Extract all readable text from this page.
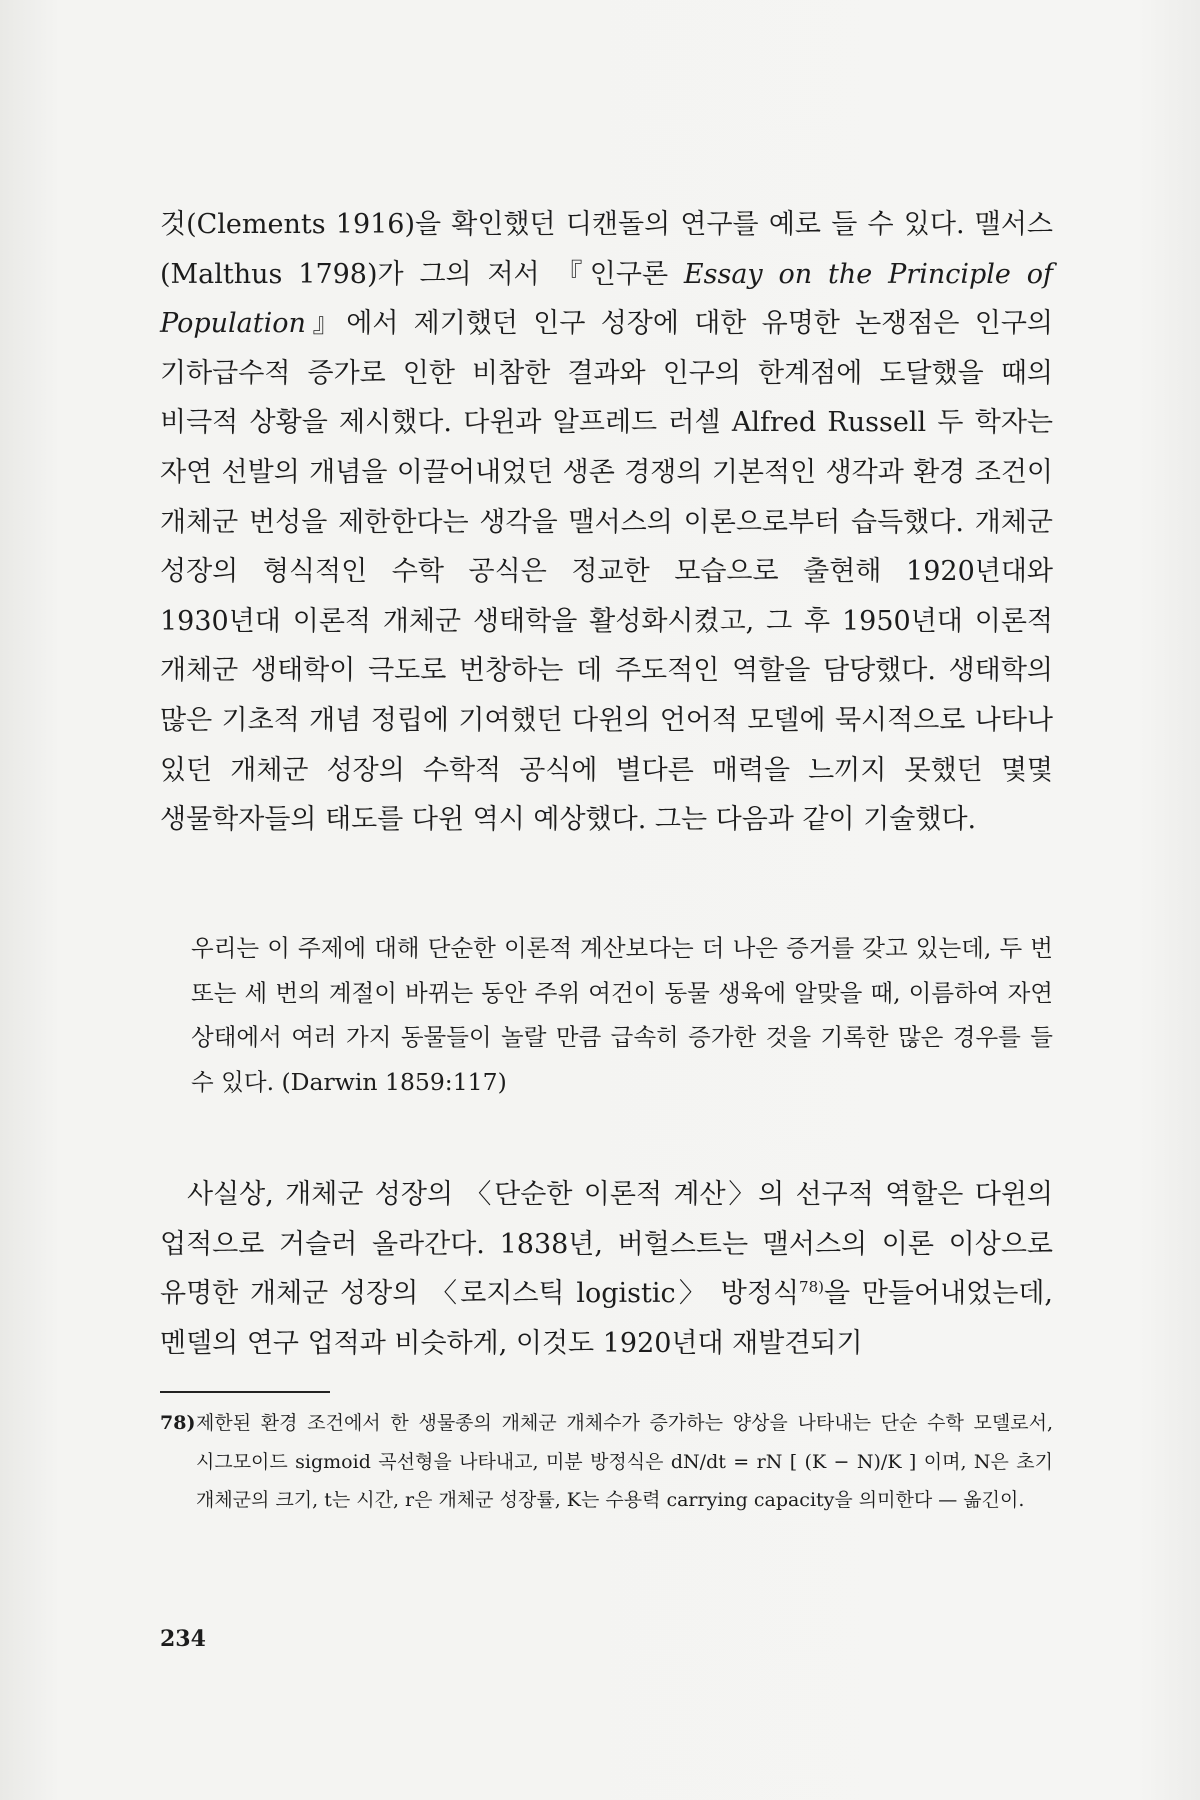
것(Clements 1916)을 확인했던 디캔돌의 연구를 예로 들 수 있다. 맬서스(Malthus 1798)가 그의 저서 『인구론 Essay on the Principle of Population』에서 제기했던 인구 성장에 대한 유명한 논쟁점은 인구의 기하급수적 증가로 인한 비참한 결과와 인구의 한계점에 도달했을 때의 비극적 상황을 제시했다. 다윈과 알프레드 러셀 Alfred Russell 두 학자는 자연 선발의 개념을 이끌어내었던 생존 경쟁의 기본적인 생각과 환경 조건이 개체군 번성을 제한한다는 생각을 맬서스의 이론으로부터 습득했다. 개체군 성장의 형식적인 수학 공식은 정교한 모습으로 출현해 1920년대와 1930년대 이론적 개체군 생태학을 활성화시켰고, 그 후 1950년대 이론적 개체군 생태학이 극도로 번창하는 데 주도적인 역할을 담당했다. 생태학의 많은 기초적 개념 정립에 기여했던 다윈의 언어적 모델에 묵시적으로 나타나 있던 개체군 성장의 수학적 공식에 별다른 매력을 느끼지 못했던 몇몇 생물학자들의 태도를 다윈 역시 예상했다. 그는 다음과 같이 기술했다.

우리는 이 주제에 대해 단순한 이론적 계산보다는 더 나은 증거를 갖고 있는데, 두 번 또는 세 번의 계절이 바뀌는 동안 주위 여건이 동물 생육에 알맞을 때, 이름하여 자연 상태에서 여러 가지 동물들이 놀랄 만큼 급속히 증가한 것을 기록한 많은 경우를 들 수 있다. (Darwin 1859:117)

사실상, 개체군 성장의 〈단순한 이론적 계산〉의 선구적 역할은 다윈의 업적으로 거슬러 올라간다. 1838년, 버헐스트는 맬서스의 이론 이상으로 유명한 개체군 성장의 〈로지스틱 logistic〉 방정식$^{78)}$을 만들어내었는데, 멘델의 연구 업적과 비슷하게, 이것도 1920년대 재발견되기

78) 제한된 환경 조건에서 한 생물종의 개체군 개체수가 증가하는 양상을 나타내는 단순 수학 모델로서, 시그모이드 sigmoid 곡선형을 나타내고, 미분 방정식은 dN/dt = rN [ (K − N)/K ] 이며, N은 초기 개체군의 크기, t는 시간, r은 개체군 성장률, K는 수용력 carrying capacity을 의미한다 — 옮긴이.
234
